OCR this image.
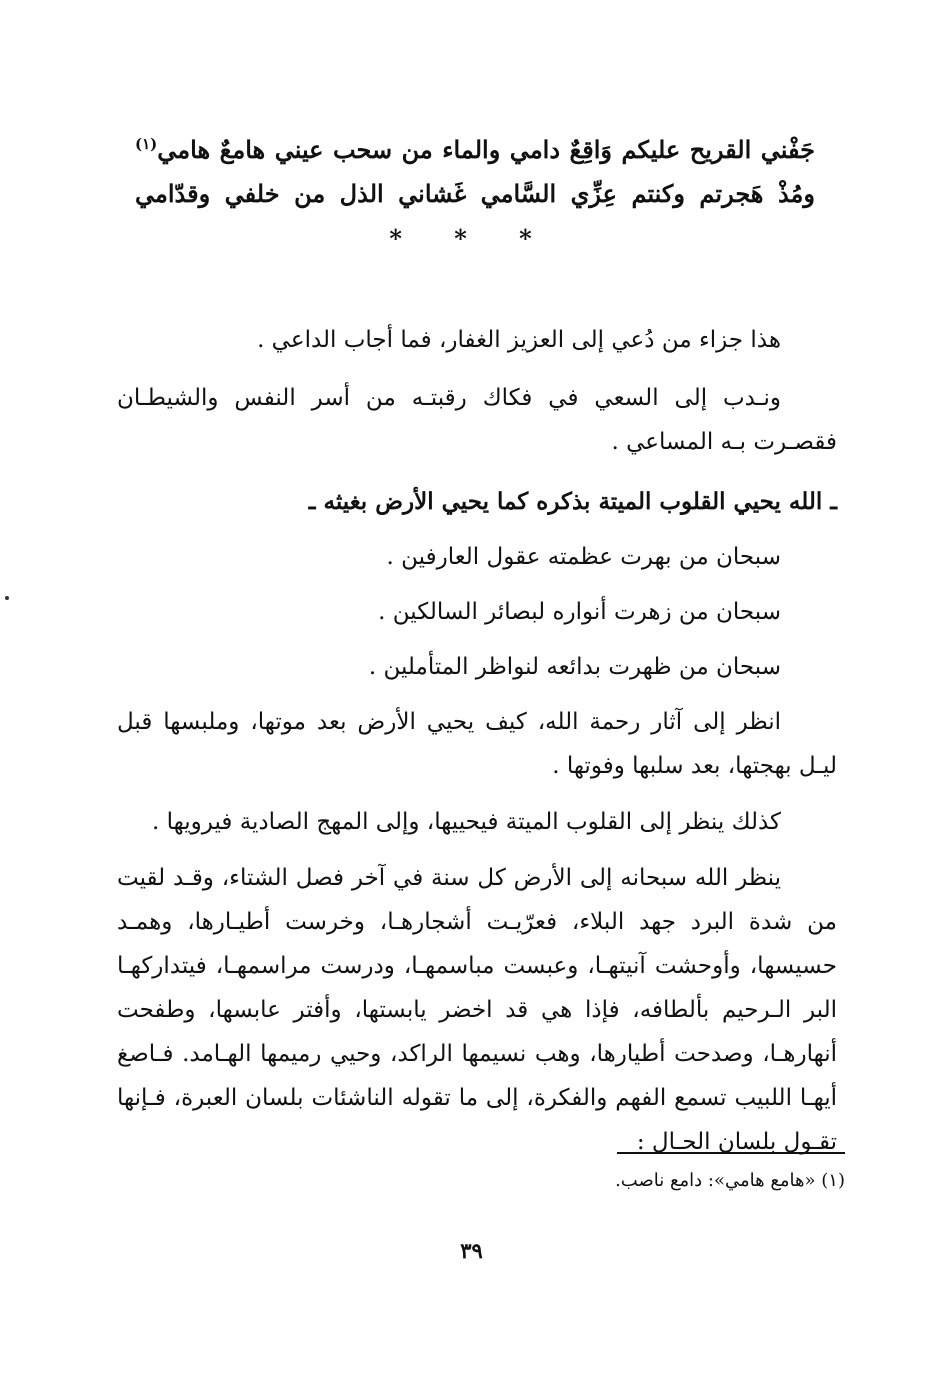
جَفْني القريح عليكم وَاقِعٌ دامي والماء من سحب عيني هامعٌ هامي$^{(١)}$
ومُذْ هَجرتم وكنتم عِزِّي السَّامي غَشاني الذل من خلفي وقدّامي
* * *

هذا جزاء من دُعي إلى العزيز الغفار، فما أجاب الداعي .

ونـدب إلى السعي في فكاك رقبتـه من أسر النفس والشيطـان فقصـرت بـه المساعي .

ـ الله يحيي القلوب الميتة بذكره كما يحيي الأرض بغيثه ـ

سبحان من بهرت عظمته عقول العارفين .

سبحان من زهرت أنواره لبصائر السالكين .

سبحان من ظهرت بدائعه لنواظر المتأملين .

انظر إلى آثار رحمة الله، كيف يحيي الأرض بعد موتها، وملبسها قبل ليـل بهجتها، بعد سلبها وفوتها .

كذلك ينظر إلى القلوب الميتة فيحييها، وإلى المهج الصادية فيرويها .

ينظر الله سبحانه إلى الأرض كل سنة في آخر فصل الشتاء، وقـد لقيت من شدة البرد جهد البلاء، فعرّيـت أشجارهـا، وخرست أطيـارها، وهمـد حسيسها، وأوحشت آنيتهـا، وعبست مباسمهـا، ودرست مراسمهـا، فيتداركهـا البر الـرحيم بألطافه، فإذا هي قد اخضر يابستها، وأفتر عابسها، وطفحت أنهارهـا، وصدحت أطيارها، وهب نسيمها الراكد، وحيي رميمها الهـامد. فـاصغ أيهـا اللبيب تسمع الفهم والفكرة، إلى ما تقوله الناشئات بلسان العبرة، فـإنها تقـول بلسان الحـال :

(١) «هامع هامي»: دامع ناصب.
٣٩
